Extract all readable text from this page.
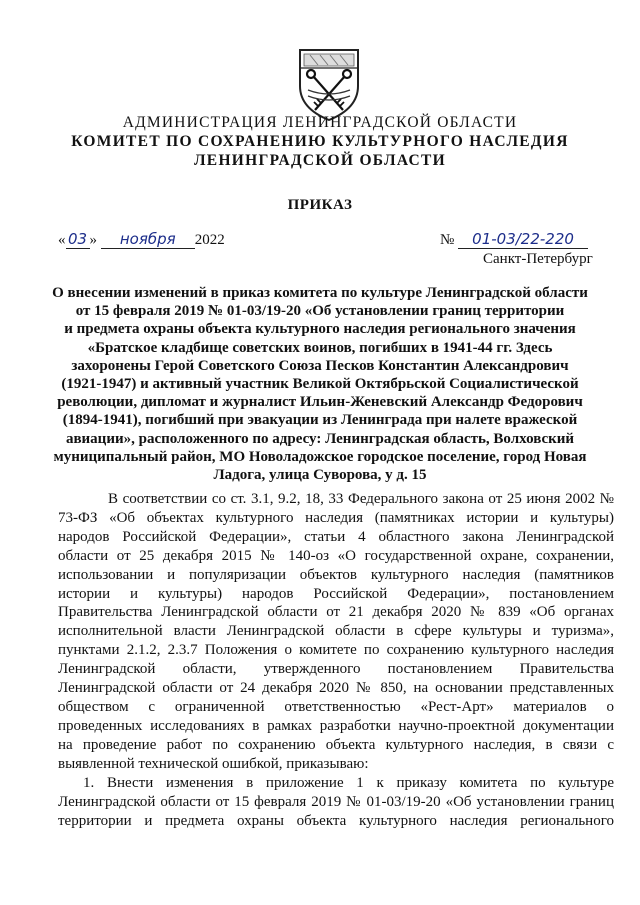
АДМИНИСТРАЦИЯ ЛЕНИНГРАДСКОЙ ОБЛАСТИ
КОМИТЕТ ПО СОХРАНЕНИЮ КУЛЬТУРНОГО НАСЛЕДИЯ
ЛЕНИНГРАДСКОЙ ОБЛАСТИ
ПРИКАЗ
« 03 » ноября 2022	№ 01-03/22-220
Санкт-Петербург
О внесении изменений в приказ комитета по культуре Ленинградской области
от 15 февраля 2019 № 01-03/19-20 «Об установлении границ территории
и предмета охраны объекта культурного наследия регионального значения
«Братское кладбище советских воинов, погибших в 1941-44 гг. Здесь
захоронены Герой Советского Союза Песков Константин Александрович
(1921-1947) и активный участник Великой Октябрьской Социалистической
революции, дипломат и журналист Ильин-Женевский Александр Федорович
(1894-1941), погибший при эвакуации из Ленинграда при налете вражеской
авиации», расположенного по адресу: Ленинградская область, Волховский
муниципальный район, МО Новоладожское городское поселение, город Новая
Ладога, улица Суворова, у д. 15
В соответствии со ст. 3.1, 9.2, 18, 33 Федерального закона от 25 июня 2002 №
73-ФЗ «Об объектах культурного наследия (памятниках истории и культуры)
народов Российской Федерации», статьи 4 областного закона Ленинградской
области от 25 декабря 2015 № 140-оз «О государственной охране, сохранении,
использовании и популяризации объектов культурного наследия (памятников
истории и культуры) народов Российской Федерации», постановлением
Правительства Ленинградской области от 21 декабря 2020 № 839 «Об органах
исполнительной власти Ленинградской области в сфере культуры и туризма»,
пунктами 2.1.2, 2.3.7 Положения о комитете по сохранению культурного наследия
Ленинградской области, утвержденного постановлением Правительства
Ленинградской области от 24 декабря 2020 № 850, на основании представленных
обществом с ограниченной ответственностью «Рест-Арт» материалов о
проведенных исследованиях в рамках разработки научно-проектной документации
на проведение работ по сохранению объекта культурного наследия, в связи с
выявленной технической ошибкой, приказываю:
1. Внести изменения в приложение 1 к приказу комитета по культуре
Ленинградской области от 15 февраля 2019 № 01-03/19-20 «Об установлении границ
территории и предмета охраны объекта культурного наследия регионального
